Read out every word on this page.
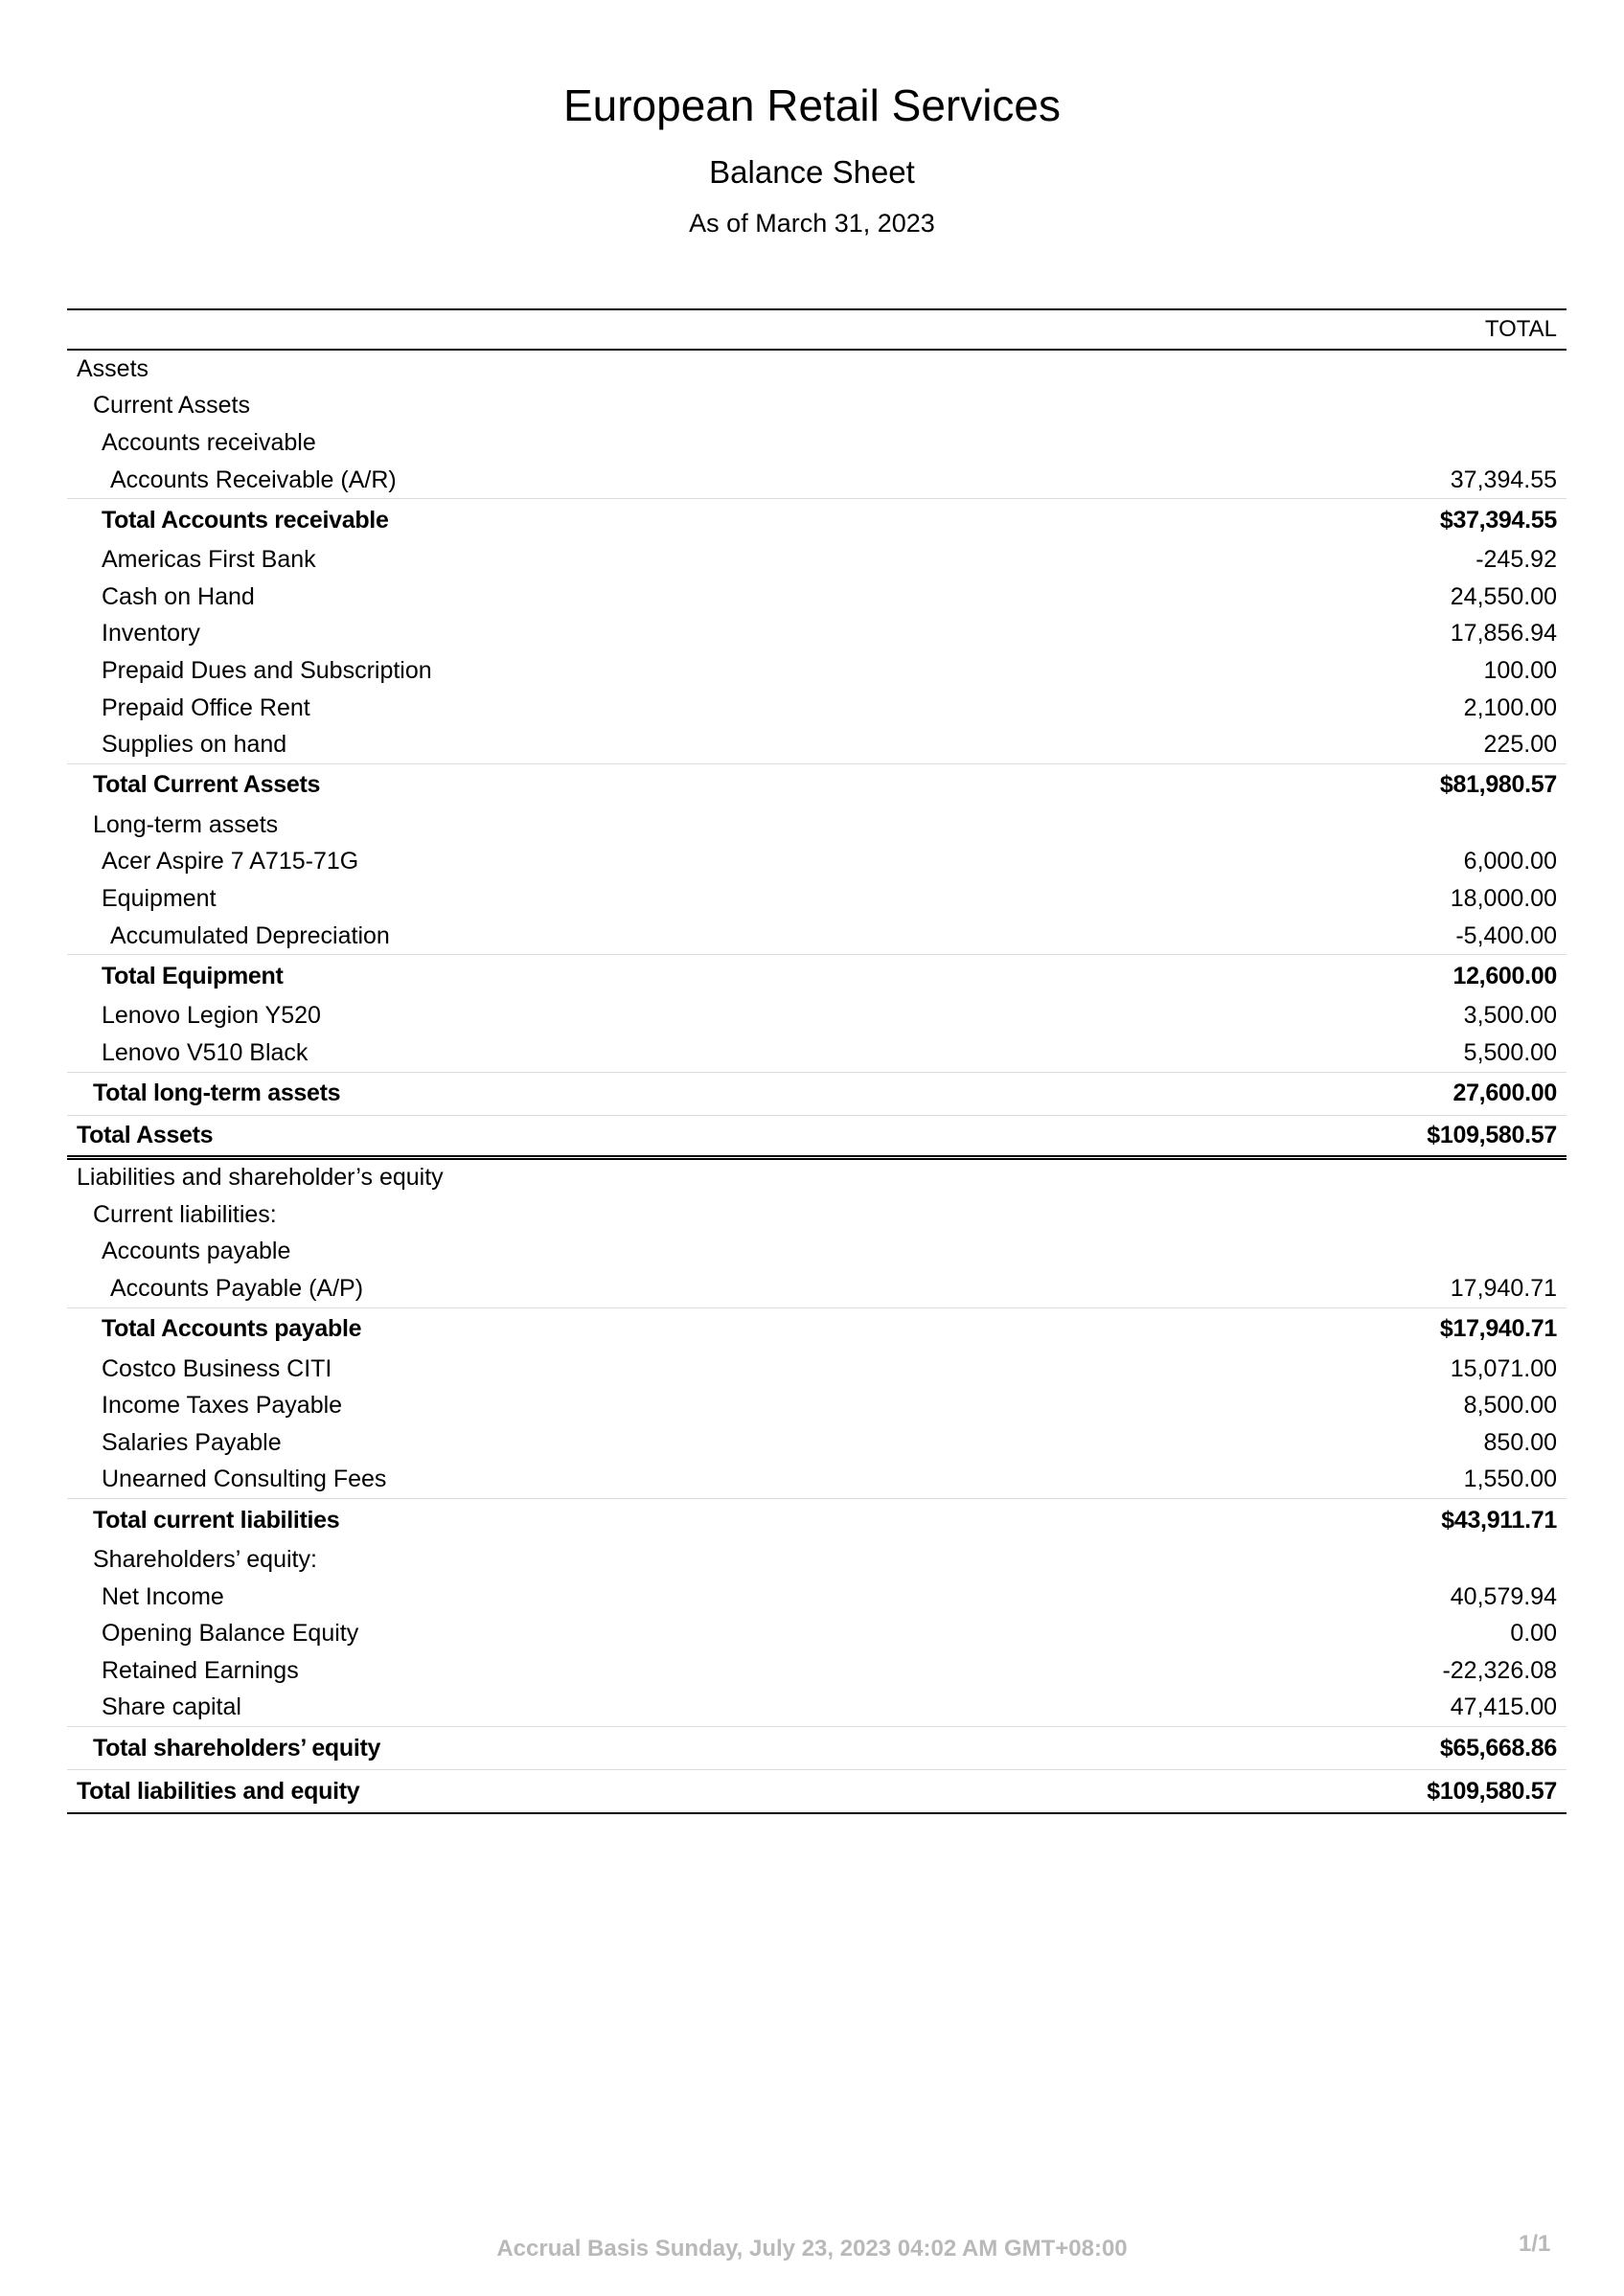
European Retail Services
Balance Sheet
As of March 31, 2023
TOTAL
Assets
Current Assets
Accounts receivable
Accounts Receivable (A/R)	37,394.55
Total Accounts receivable	$37,394.55
Americas First Bank	-245.92
Cash on Hand	24,550.00
Inventory	17,856.94
Prepaid Dues and Subscription	100.00
Prepaid Office Rent	2,100.00
Supplies on hand	225.00
Total Current Assets	$81,980.57
Long-term assets
Acer Aspire 7 A715-71G	6,000.00
Equipment	18,000.00
Accumulated Depreciation	-5,400.00
Total Equipment	12,600.00
Lenovo Legion Y520	3,500.00
Lenovo V510 Black	5,500.00
Total long-term assets	27,600.00
Total Assets	$109,580.57
Liabilities and shareholder’s equity
Current liabilities:
Accounts payable
Accounts Payable (A/P)	17,940.71
Total Accounts payable	$17,940.71
Costco Business CITI	15,071.00
Income Taxes Payable	8,500.00
Salaries Payable	850.00
Unearned Consulting Fees	1,550.00
Total current liabilities	$43,911.71
Shareholders’ equity:
Net Income	40,579.94
Opening Balance Equity	0.00
Retained Earnings	-22,326.08
Share capital	47,415.00
Total shareholders’ equity	$65,668.86
Total liabilities and equity	$109,580.57
Accrual Basis Sunday, July 23, 2023 04:02 AM GMT+08:00	1/1
